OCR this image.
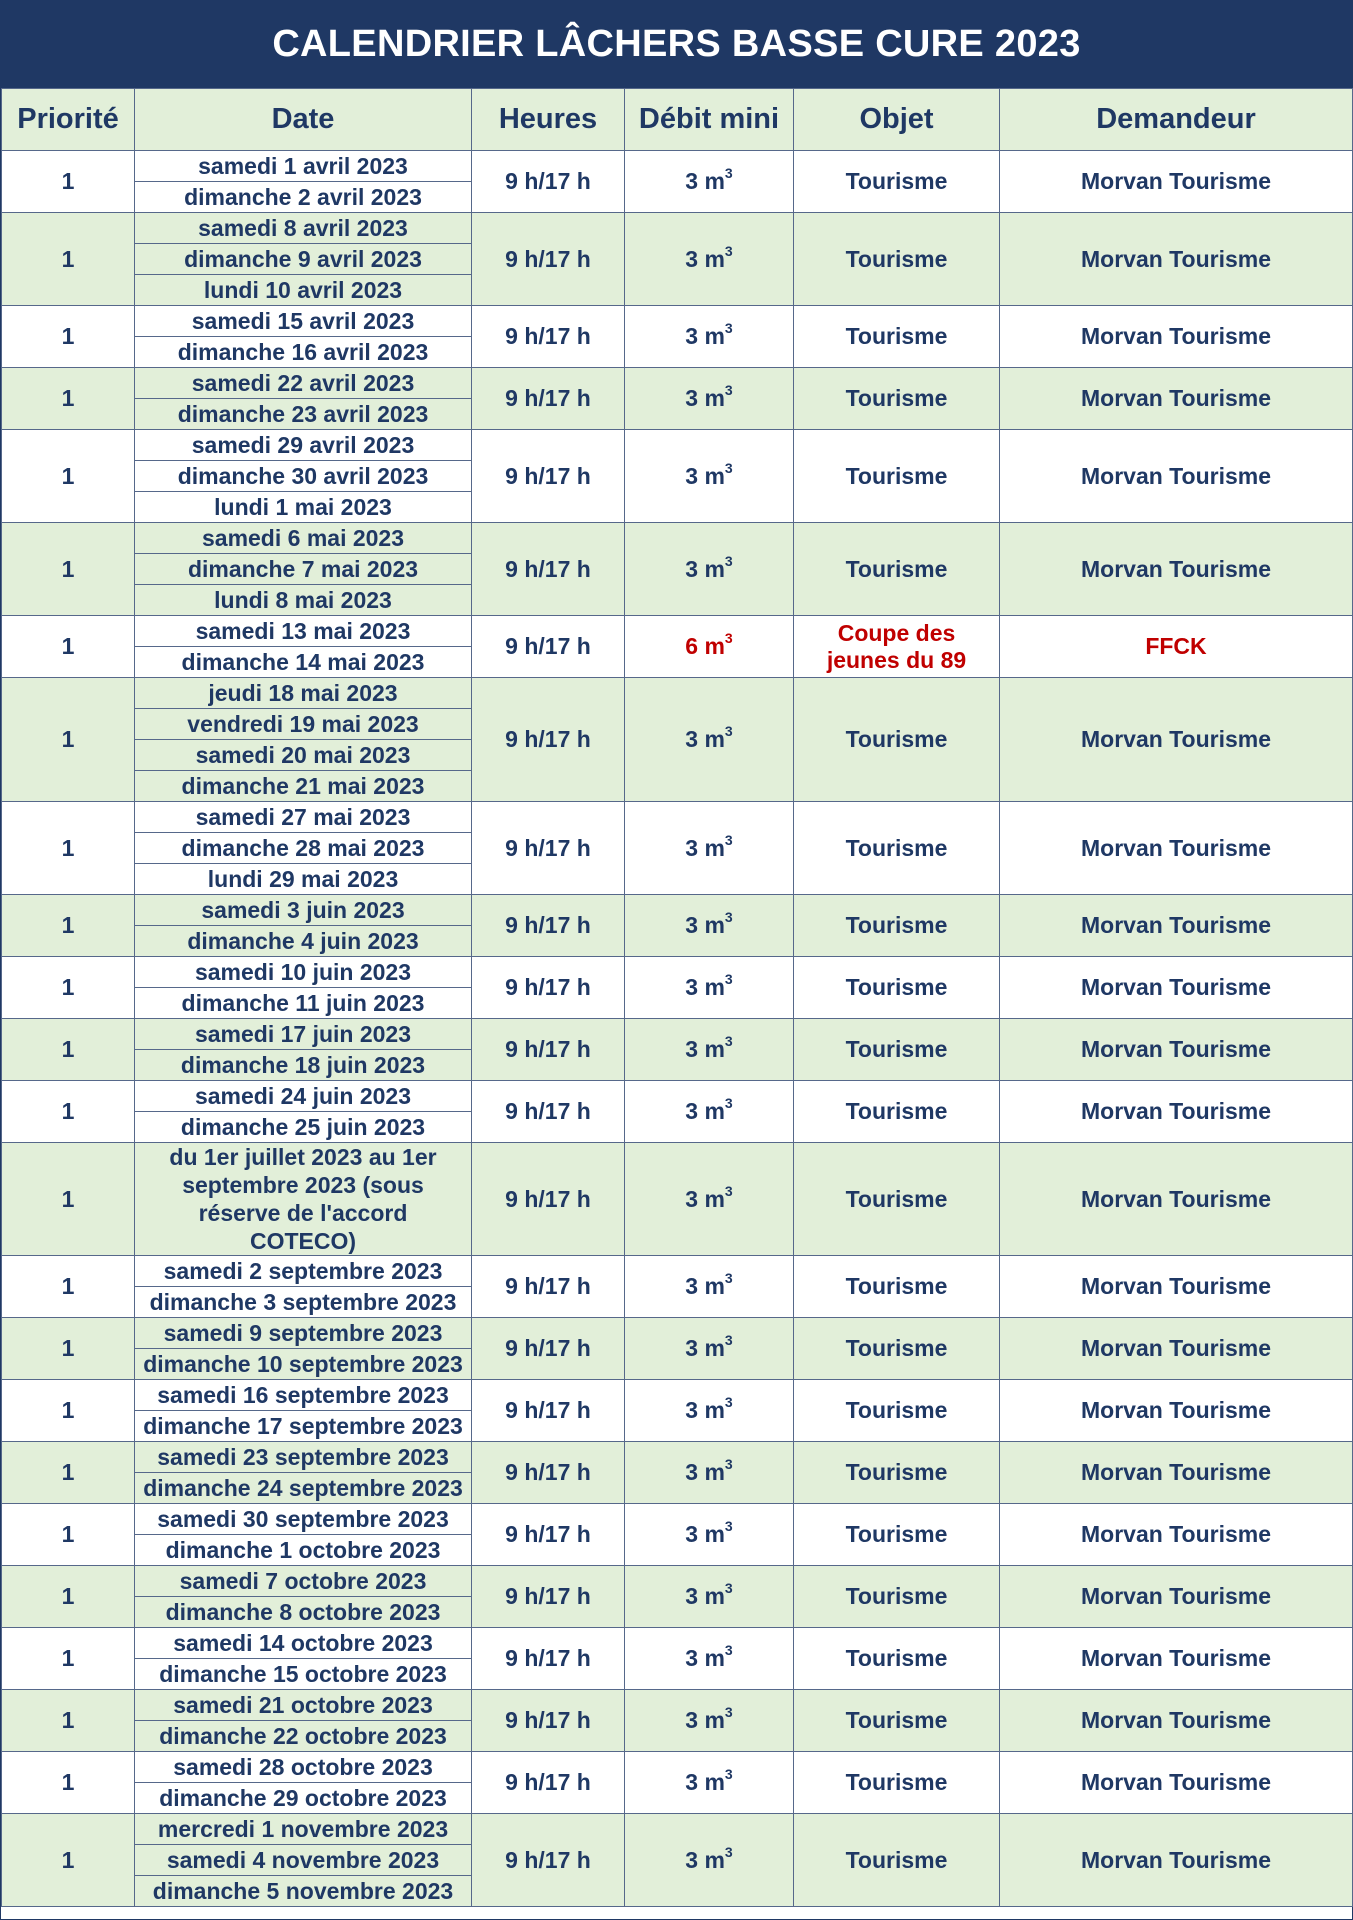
CALENDRIER LÂCHERS BASSE CURE 2023
Priorité	Date	Heures	Débit mini	Objet	Demandeur
1	samedi 1 avril 2023	9 h/17 h	3 $m^3$	Tourisme	Morvan Tourisme
	dimanche 2 avril 2023				
1	samedi 8 avril 2023	9 h/17 h	3 $m^3$	Tourisme	Morvan Tourisme
	dimanche 9 avril 2023				
	lundi 10 avril 2023				
1	samedi 15 avril 2023	9 h/17 h	3 $m^3$	Tourisme	Morvan Tourisme
	dimanche 16 avril 2023				
1	samedi 22 avril 2023	9 h/17 h	3 $m^3$	Tourisme	Morvan Tourisme
	dimanche 23 avril 2023				
1	samedi 29 avril 2023	9 h/17 h	3 $m^3$	Tourisme	Morvan Tourisme
	dimanche 30 avril 2023				
	lundi 1 mai 2023				
1	samedi 6 mai 2023	9 h/17 h	3 $m^3$	Tourisme	Morvan Tourisme
	dimanche 7 mai 2023				
	lundi 8 mai 2023				
1	samedi 13 mai 2023	9 h/17 h	6 $m^3$	Coupe des jeunes du 89	FFCK
	dimanche 14 mai 2023				
1	jeudi 18 mai 2023	9 h/17 h	3 $m^3$	Tourisme	Morvan Tourisme
	vendredi 19 mai 2023				
	samedi 20 mai 2023				
	dimanche 21 mai 2023				
1	samedi 27 mai 2023	9 h/17 h	3 $m^3$	Tourisme	Morvan Tourisme
	dimanche 28 mai 2023				
	lundi 29 mai 2023				
1	samedi 3 juin 2023	9 h/17 h	3 $m^3$	Tourisme	Morvan Tourisme
	dimanche 4 juin 2023				
1	samedi 10 juin 2023	9 h/17 h	3 $m^3$	Tourisme	Morvan Tourisme
	dimanche 11 juin 2023				
1	samedi 17 juin 2023	9 h/17 h	3 $m^3$	Tourisme	Morvan Tourisme
	dimanche 18 juin 2023				
1	samedi 24 juin 2023	9 h/17 h	3 $m^3$	Tourisme	Morvan Tourisme
	dimanche 25 juin 2023				
1	du 1er juillet 2023 au 1er septembre 2023 (sous réserve de l'accord COTECO)	9 h/17 h	3 $m^3$	Tourisme	Morvan Tourisme
1	samedi 2 septembre 2023	9 h/17 h	3 $m^3$	Tourisme	Morvan Tourisme
	dimanche 3 septembre 2023				
1	samedi 9 septembre 2023	9 h/17 h	3 $m^3$	Tourisme	Morvan Tourisme
	dimanche 10 septembre 2023				
1	samedi 16 septembre 2023	9 h/17 h	3 $m^3$	Tourisme	Morvan Tourisme
	dimanche 17 septembre 2023				
1	samedi 23 septembre 2023	9 h/17 h	3 $m^3$	Tourisme	Morvan Tourisme
	dimanche 24 septembre 2023				
1	samedi 30 septembre 2023	9 h/17 h	3 $m^3$	Tourisme	Morvan Tourisme
	dimanche 1 octobre 2023				
1	samedi 7 octobre 2023	9 h/17 h	3 $m^3$	Tourisme	Morvan Tourisme
	dimanche 8 octobre 2023				
1	samedi 14 octobre 2023	9 h/17 h	3 $m^3$	Tourisme	Morvan Tourisme
	dimanche 15 octobre 2023				
1	samedi 21 octobre 2023	9 h/17 h	3 $m^3$	Tourisme	Morvan Tourisme
	dimanche 22 octobre 2023				
1	samedi 28 octobre 2023	9 h/17 h	3 $m^3$	Tourisme	Morvan Tourisme
	dimanche 29 octobre 2023				
1	mercredi 1 novembre 2023	9 h/17 h	3 $m^3$	Tourisme	Morvan Tourisme
	samedi 4 novembre 2023				
	dimanche 5 novembre 2023				
